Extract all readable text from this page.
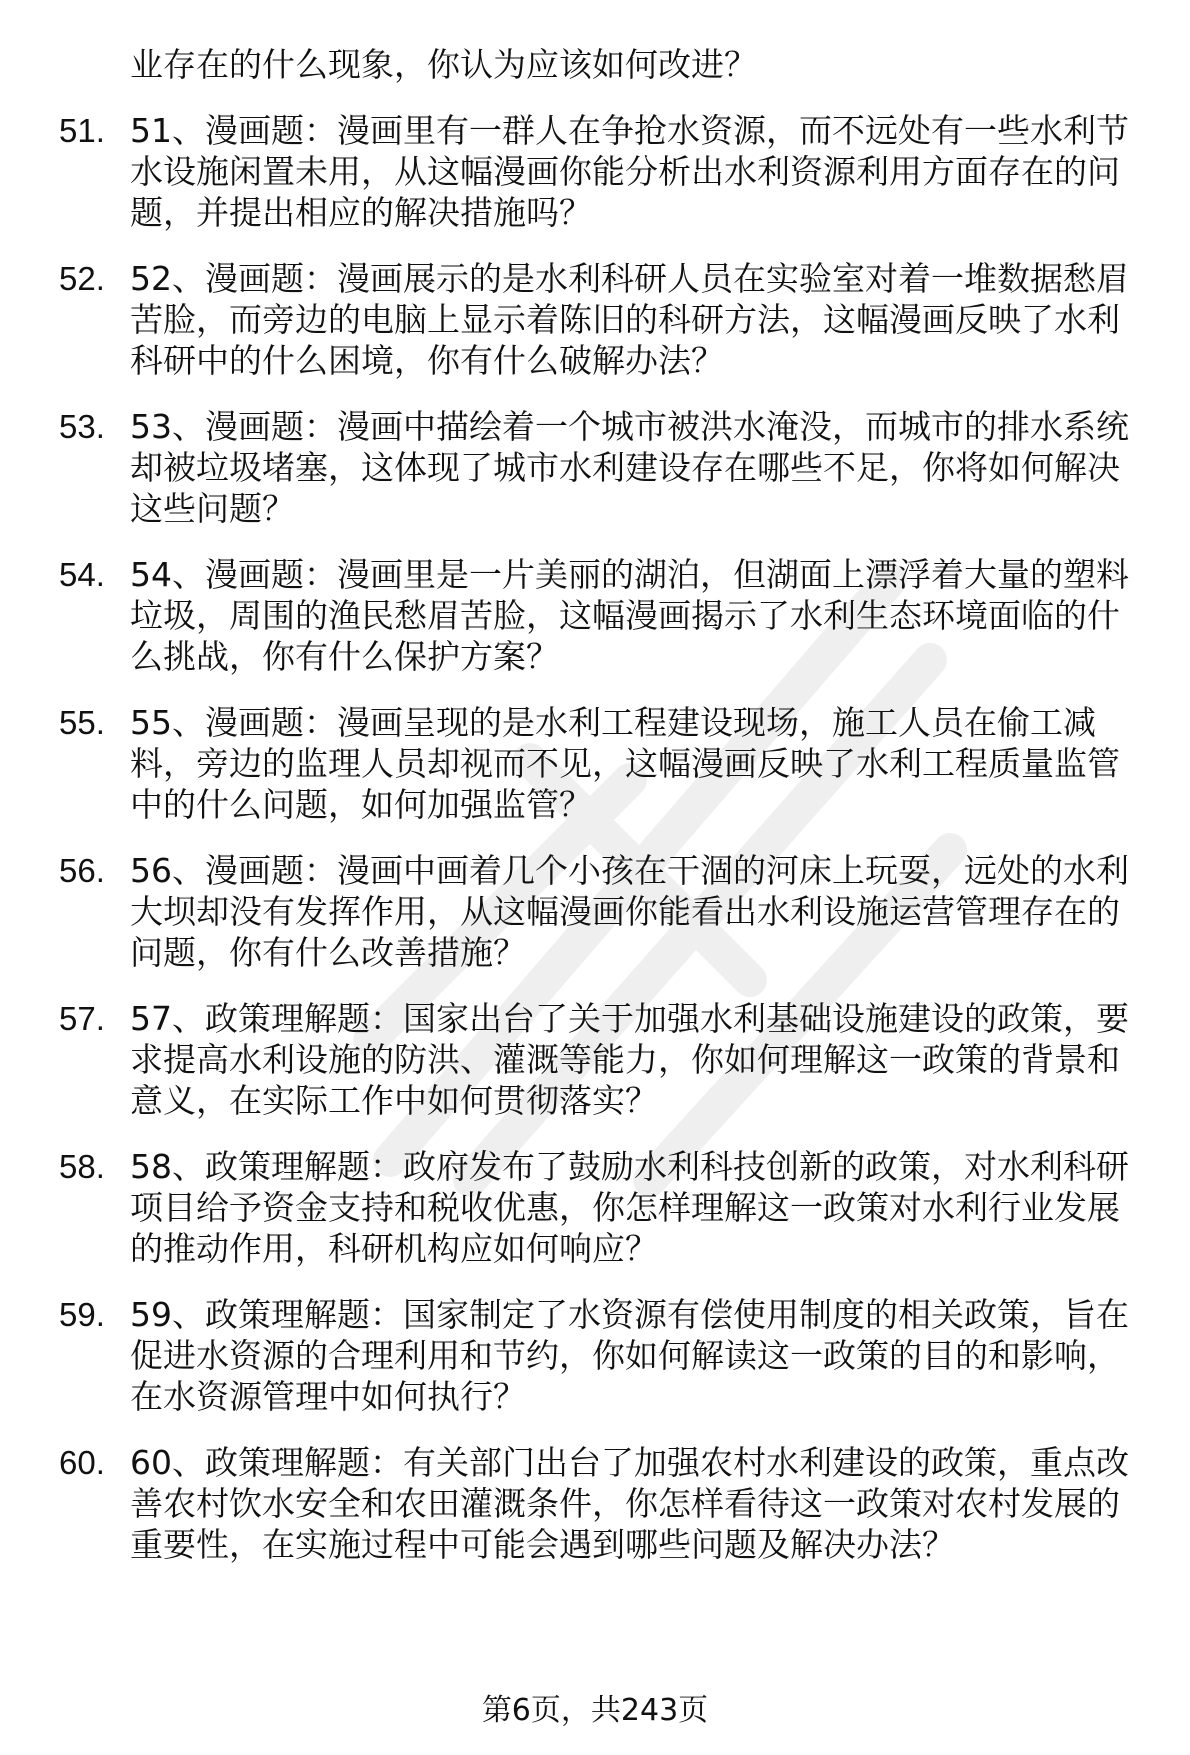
业存在的什么现象，你认为应该如何改进？
51. 51、漫画题：漫画里有一群人在争抢水资源，而不远处有一些水利节水设施闲置未用，从这幅漫画你能分析出水利资源利用方面存在的问题，并提出相应的解决措施吗？
52. 52、漫画题：漫画展示的是水利科研人员在实验室对着一堆数据愁眉苦脸，而旁边的电脑上显示着陈旧的科研方法，这幅漫画反映了水利科研中的什么困境，你有什么破解办法？
53. 53、漫画题：漫画中描绘着一个城市被洪水淹没，而城市的排水系统却被垃圾堵塞，这体现了城市水利建设存在哪些不足，你将如何解决这些问题？
54. 54、漫画题：漫画里是一片美丽的湖泊，但湖面上漂浮着大量的塑料垃圾，周围的渔民愁眉苦脸，这幅漫画揭示了水利生态环境面临的什么挑战，你有什么保护方案？
55. 55、漫画题：漫画呈现的是水利工程建设现场，施工人员在偷工减料，旁边的监理人员却视而不见，这幅漫画反映了水利工程质量监管中的什么问题，如何加强监管？
56. 56、漫画题：漫画中画着几个小孩在干涸的河床上玩耍，远处的水利大坝却没有发挥作用，从这幅漫画你能看出水利设施运营管理存在的问题，你有什么改善措施？
57. 57、政策理解题：国家出台了关于加强水利基础设施建设的政策，要求提高水利设施的防洪、灌溉等能力，你如何理解这一政策的背景和意义，在实际工作中如何贯彻落实？
58. 58、政策理解题：政府发布了鼓励水利科技创新的政策，对水利科研项目给予资金支持和税收优惠，你怎样理解这一政策对水利行业发展的推动作用，科研机构应如何响应？
59. 59、政策理解题：国家制定了水资源有偿使用制度的相关政策，旨在促进水资源的合理利用和节约，你如何解读这一政策的目的和影响，在水资源管理中如何执行？
60. 60、政策理解题：有关部门出台了加强农村水利建设的政策，重点改善农村饮水安全和农田灌溉条件，你怎样看待这一政策对农村发展的重要性，在实施过程中可能会遇到哪些问题及解决办法？
第6页，共243页
